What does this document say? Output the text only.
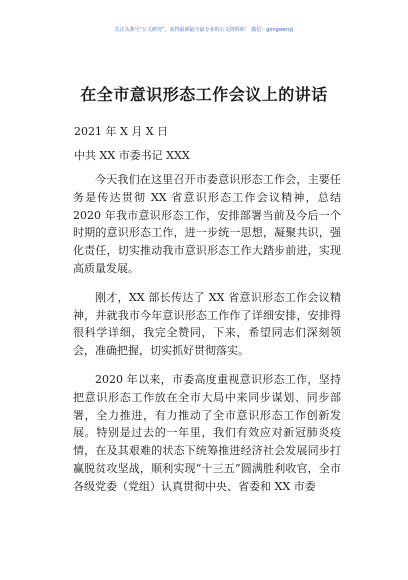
关注头条号“公文研究”，获得最新最全最专业的公文资料库！ 微信：gongwenyj
在全市意识形态工作会议上的讲话
2021 年 X 月 X 日
中共 XX 市委书记 XXX

今天我们在这里召开市委意识形态工作会，主要任务是传达贯彻 XX 省意识形态工作会议精神，总结 2020 年我市意识形态工作，安排部署当前及今后一个时期的意识形态工作，进一步统一思想，凝聚共识，强化责任，切实推动我市意识形态工作大踏步前进，实现高质量发展。

刚才，XX 部长传达了 XX 省意识形态工作会议精神，并就我市今年意识形态工作作了详细安排，安排得很科学详细，我完全赞同，下来，希望同志们深刻领会，准确把握，切实抓好贯彻落实。

2020 年以来，市委高度重视意识形态工作，坚持把意识形态工作放在全市大局中来同步谋划、同步部署，全力推进，有力推动了全市意识形态工作创新发展。特别是过去的一年里，我们有效应对新冠肺炎疫情，在及其艰难的状态下统筹推进经济社会发展同步打赢脱贫攻坚战，顺利实现“十三五”圆满胜利收官，全市各级党委（党组）认真贯彻中央、省委和 XX 市委
